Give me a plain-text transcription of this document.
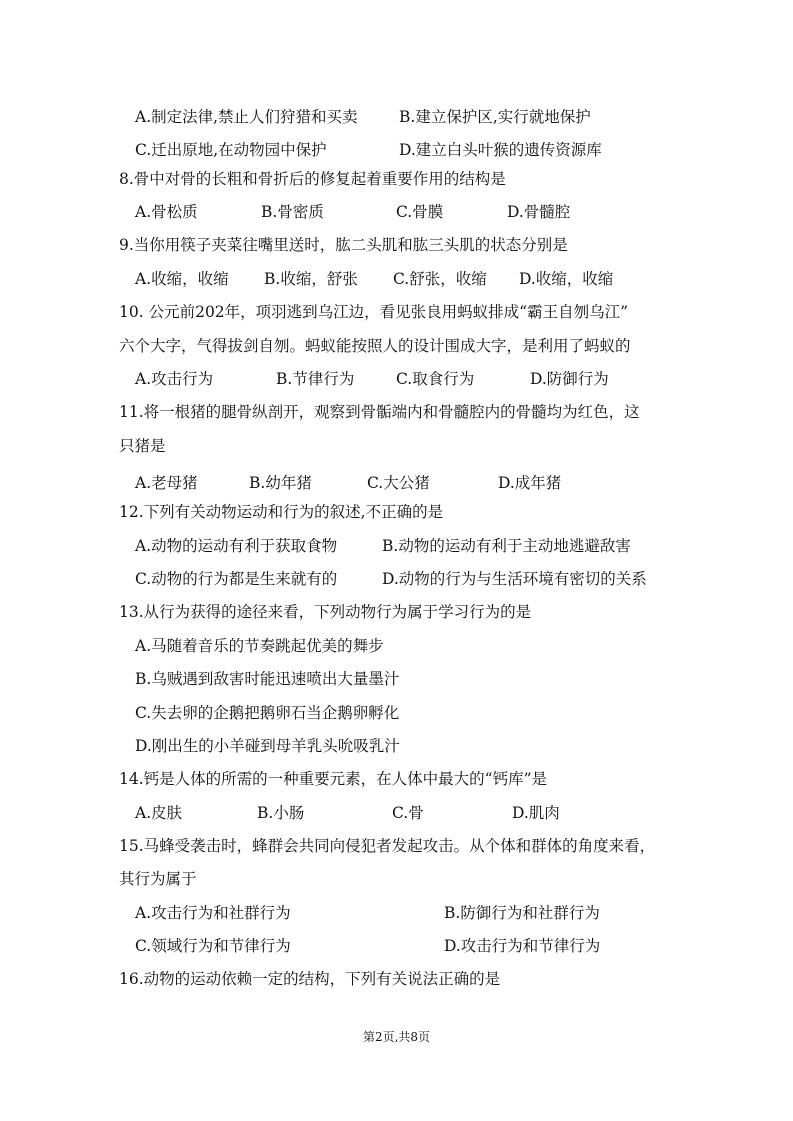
A.制定法律,禁止人们狩猎和买卖	B.建立保护区,实行就地保护
C.迁出原地,在动物园中保护	D.建立白头叶猴的遗传资源库
8.骨中对骨的长粗和骨折后的修复起着重要作用的结构是
A.骨松质	B.骨密质	C.骨膜	D.骨髓腔
9.当你用筷子夹菜往嘴里送时，肱二头肌和肱三头肌的状态分别是
A.收缩，收缩 B.收缩，舒张 C.舒张，收缩 D.收缩，收缩
10. 公元前202年，项羽逃到乌江边，看见张良用蚂蚁排成“霸王自刎乌江”
六个大字，气得拔剑自刎。蚂蚁能按照人的设计围成大字，是利用了蚂蚁的
A.攻击行为	B.节律行为	C.取食行为	D.防御行为
11.将一根猪的腿骨纵剖开，观察到骨骺端内和骨髓腔内的骨髓均为红色，这
只猪是
A.老母猪	B.幼年猪	C.大公猪	D.成年猪
12.下列有关动物运动和行为的叙述,不正确的是
A.动物的运动有利于获取食物	B.动物的运动有利于主动地逃避敌害
C.动物的行为都是生来就有的	D.动物的行为与生活环境有密切的关系
13.从行为获得的途径来看，下列动物行为属于学习行为的是
A.马随着音乐的节奏跳起优美的舞步
B.乌贼遇到敌害时能迅速喷出大量墨汁
C.失去卵的企鹅把鹅卵石当企鹅卵孵化
D.刚出生的小羊碰到母羊乳头吮吸乳汁
14.钙是人体的所需的一种重要元素，在人体中最大的“钙库”是
A.皮肤	B.小肠	C.骨	D.肌肉
15.马蜂受袭击时，蜂群会共同向侵犯者发起攻击。从个体和群体的角度来看，
其行为属于
A.攻击行为和社群行为	B.防御行为和社群行为
C.领域行为和节律行为	D.攻击行为和节律行为
16.动物的运动依赖一定的结构，下列有关说法正确的是
第2页,共8页
